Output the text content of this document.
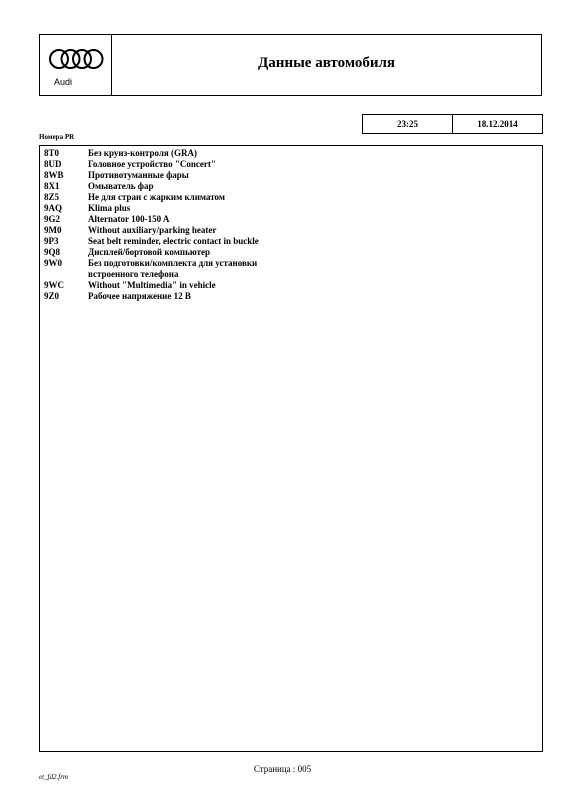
Audi
Данные автомобиля
23:25	18.12.2014
Номера PR
8T0	Без круиз-контроля (GRA)
8UD	Головное устройство "Concert"
8WB	Противотуманные фары
8X1	Омыватель фар
8Z5	Не для стран с жарким климатом
9AQ	Klima plus
9G2	Alternator 100-150 A
9M0	Without auxiliary/parking heater
9P3	Seat belt reminder, electric contact in buckle
9Q8	Дисплей/бортовой компьютер
9W0	Без подготовки/комплекта для установки встроенного телефона
9WC	Without "Multimedia" in vehicle
9Z0	Рабочее напряжение 12 В
Страница : 005
et_fd2.frm
